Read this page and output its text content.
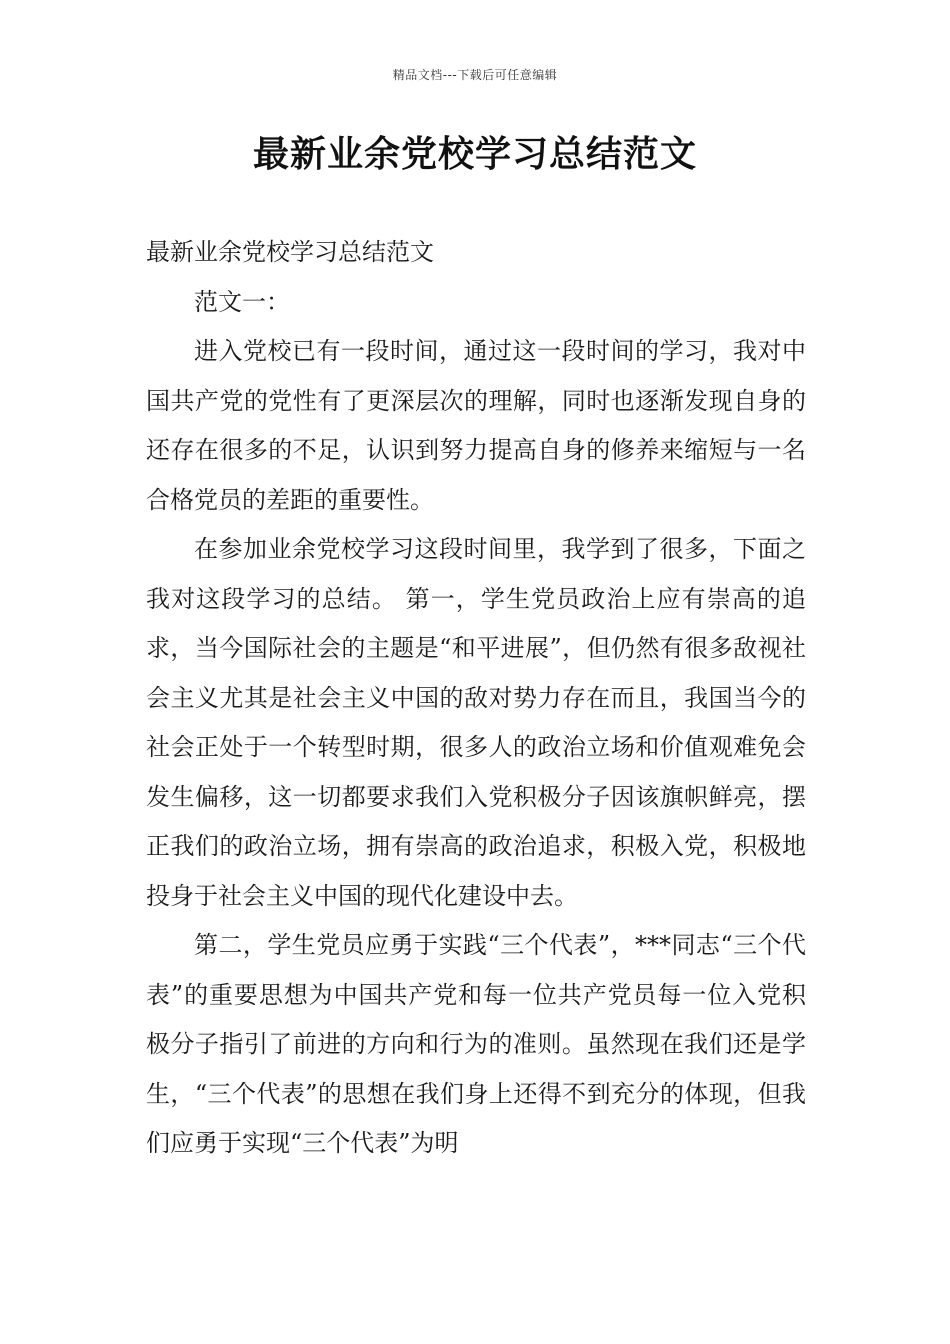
精品文档---下载后可任意编辑
最新业余党校学习总结范文

最新业余党校学习总结范文

范文一：

进入党校已有一段时间，通过这一段时间的学习，我对中国共产党的党性有了更深层次的理解，同时也逐渐发现自身的还存在很多的不足，认识到努力提高自身的修养来缩短与一名合格党员的差距的重要性。

在参加业余党校学习这段时间里，我学到了很多，下面之我对这段学习的总结。 第一，学生党员政治上应有崇高的追求，当今国际社会的主题是“和平进展”，但仍然有很多敌视社会主义尤其是社会主义中国的敌对势力存在而且，我国当今的社会正处于一个转型时期，很多人的政治立场和价值观难免会发生偏移，这一切都要求我们入党积极分子因该旗帜鲜亮，摆正我们的政治立场，拥有崇高的政治追求，积极入党，积极地投身于社会主义中国的现代化建设中去。

第二，学生党员应勇于实践“三个代表”，***同志“三个代表”的重要思想为中国共产党和每一位共产党员每一位入党积极分子指引了前进的方向和行为的准则。虽然现在我们还是学生，“三个代表”的思想在我们身上还得不到充分的体现，但我们应勇于实现“三个代表”为明
